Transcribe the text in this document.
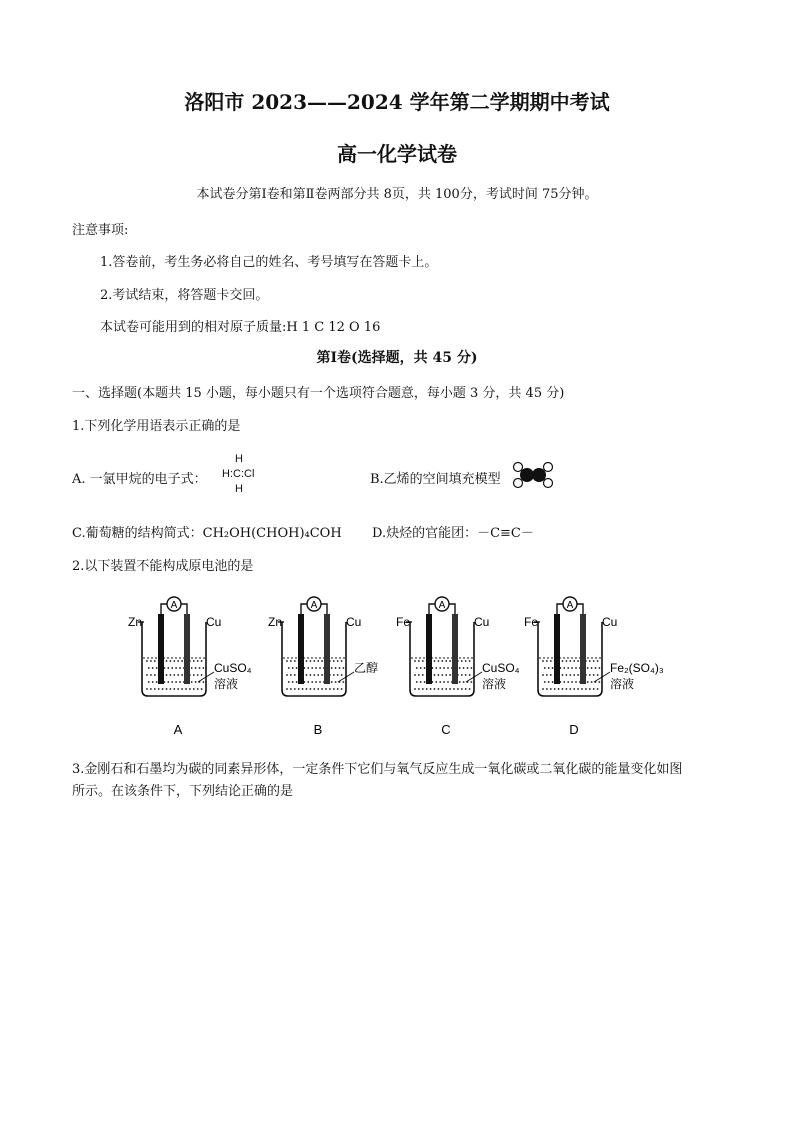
洛阳市 2023——2024 学年第二学期期中考试
高一化学试卷
本试卷分第Ⅰ卷和第Ⅱ卷两部分共 8页，共 100分，考试时间 75分钟。
注意事项:
1.答卷前，考生务必将自己的姓名、考号填写在答题卡上。
2.考试结束，将答题卡交回。
本试卷可能用到的相对原子质量:H 1 C 12 O 16
第Ⅰ卷(选择题，共 45 分)
一、选择题(本题共 15 小题，每小题只有一个选项符合题意，每小题 3 分，共 45 分)
1.下列化学用语表示正确的是
A. 一氯甲烷的电子式：
H
H:C:Cl
H
B.乙烯的空间填充模型
C.葡萄糖的结构简式：CH₂OH(CHOH)₄COH D.炔烃的官能团：－C≡C－
2.以下装置不能构成原电池的是
A
Zn	Cu
CuSO₄
溶液
A
A
Zn	Cu
乙醇
B
A
Fe	Cu
CuSO₄
溶液
C
A
Fe	Cu
Fe₂(SO₄)₃
溶液
D
3.金刚石和石墨均为碳的同素异形体，一定条件下它们与氧气反应生成一氧化碳或二氧化碳的能量变化如图
所示。在该条件下，下列结论正确的是
